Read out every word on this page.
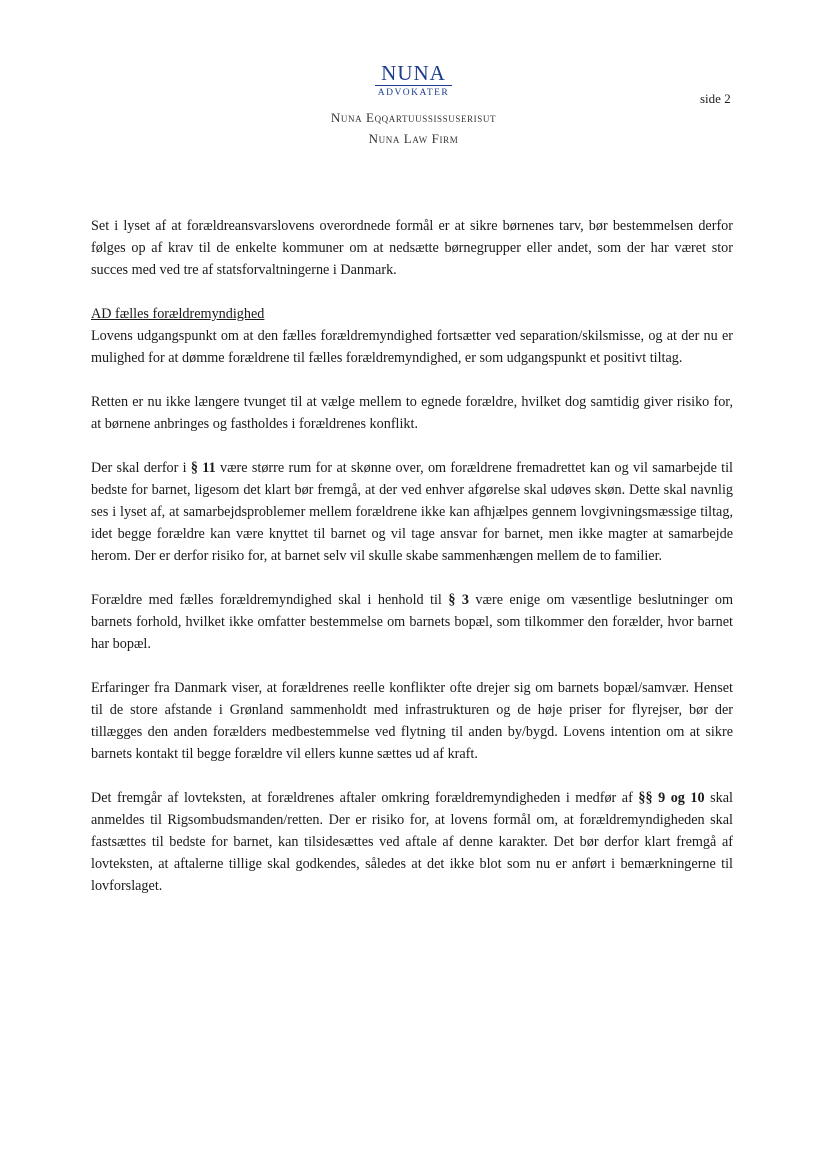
NUNA
ADVOKATER
Nuna Eqqartuussissuserisut
Nuna Law Firm
side 2

Set i lyset af at forældreansvarslovens overordnede formål er at sikre børnenes tarv, bør bestemmelsen derfor følges op af krav til de enkelte kommuner om at nedsætte børnegrupper eller andet, som der har været stor succes med ved tre af statsforvaltningerne i Danmark.

AD fælles forældremyndighed

Lovens udgangspunkt om at den fælles forældremyndighed fortsætter ved separation/skilsmisse, og at der nu er mulighed for at dømme forældrene til fælles forældremyndighed, er som udgangspunkt et positivt tiltag.

Retten er nu ikke længere tvunget til at vælge mellem to egnede forældre, hvilket dog samtidig giver risiko for, at børnene anbringes og fastholdes i forældrenes konflikt.

Der skal derfor i § 11 være større rum for at skønne over, om forældrene fremadrettet kan og vil samarbejde til bedste for barnet, ligesom det klart bør fremgå, at der ved enhver afgørelse skal udøves skøn. Dette skal navnlig ses i lyset af, at samarbejdsproblemer mellem forældrene ikke kan afhjælpes gennem lovgivningsmæssige tiltag, idet begge forældre kan være knyttet til barnet og vil tage ansvar for barnet, men ikke magter at samarbejde herom. Der er derfor risiko for, at barnet selv vil skulle skabe sammenhængen mellem de to familier.

Forældre med fælles forældremyndighed skal i henhold til § 3 være enige om væsentlige beslutninger om barnets forhold, hvilket ikke omfatter bestemmelse om barnets bopæl, som tilkommer den forælder, hvor barnet har bopæl.

Erfaringer fra Danmark viser, at forældrenes reelle konflikter ofte drejer sig om barnets bopæl/samvær. Henset til de store afstande i Grønland sammenholdt med infrastrukturen og de høje priser for flyrejser, bør der tillægges den anden forælders medbestemmelse ved flytning til anden by/bygd. Lovens intention om at sikre barnets kontakt til begge forældre vil ellers kunne sættes ud af kraft.

Det fremgår af lovteksten, at forældrenes aftaler omkring forældremyndigheden i medfør af §§ 9 og 10 skal anmeldes til Rigsombudsmanden/retten. Der er risiko for, at lovens formål om, at forældremyndigheden skal fastsættes til bedste for barnet, kan tilsidesættes ved aftale af denne karakter. Det bør derfor klart fremgå af lovteksten, at aftalerne tillige skal godkendes, således at det ikke blot som nu er anført i bemærkningerne til lovforslaget.
